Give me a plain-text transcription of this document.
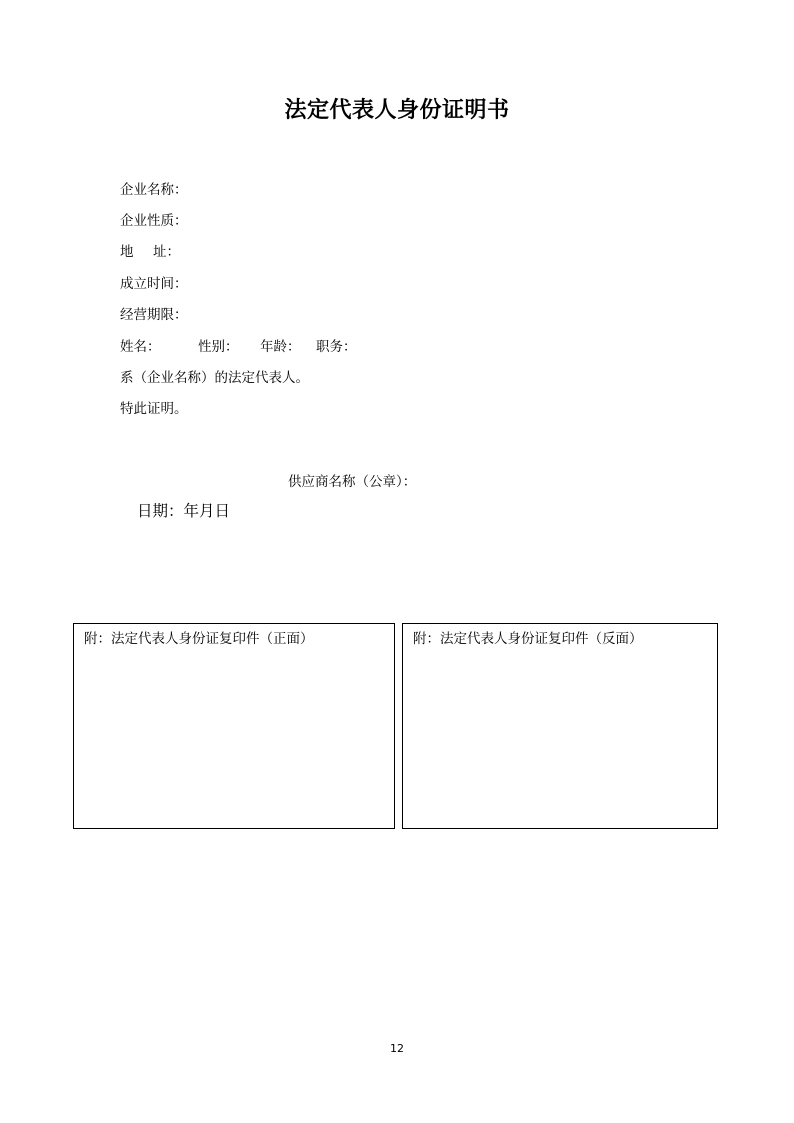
法定代表人身份证明书
企业名称：
企业性质：
地 址：
成立时间：
经营期限：
姓名：	性别： 年龄： 职务：
系（企业名称）的法定代表人。
特此证明。
供应商名称（公章）：
日期：年月日
附：法定代表人身份证复印件（正面）	附：法定代表人身份证复印件（反面）
12
